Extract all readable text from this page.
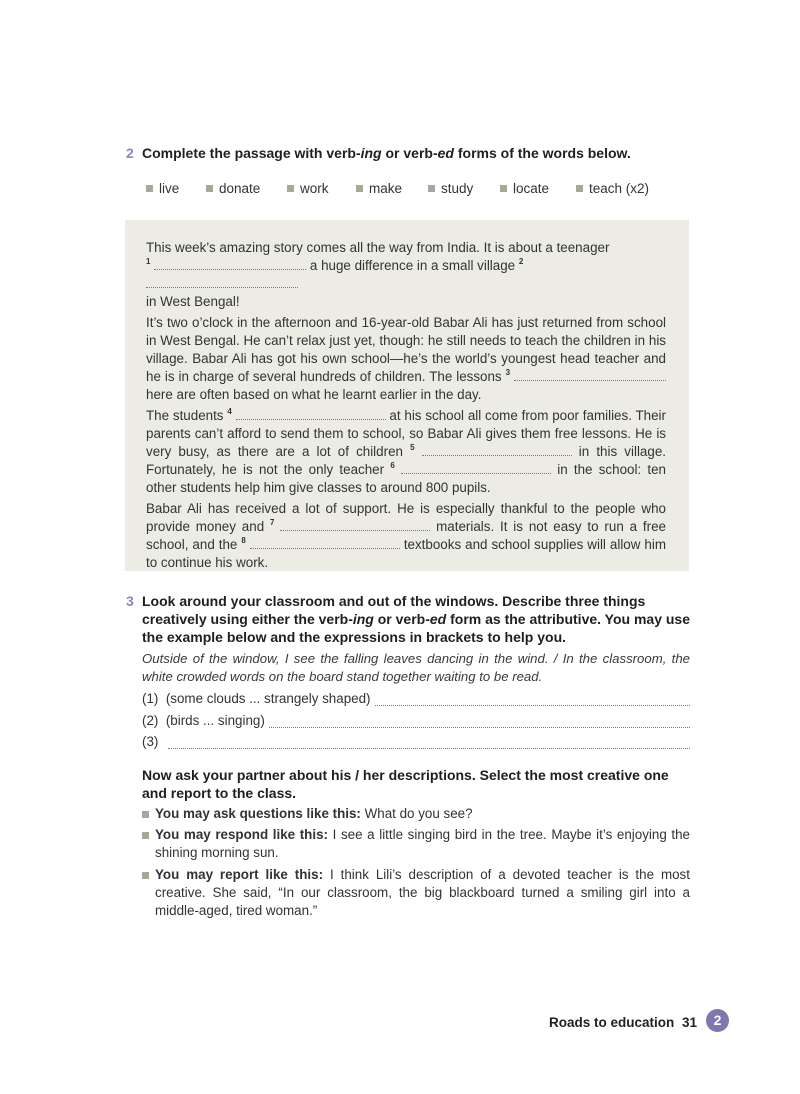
2 Complete the passage with verb-ing or verb-ed forms of the words below.
live	donate	work	make	study	locate	teach (x2)

This week’s amazing story comes all the way from India. It is about a teenager
$^1$	a huge difference in a small village $^2$
in West Bengal!

It’s two o’clock in the afternoon and 16-year-old Babar Ali has just returned from school in West Bengal. He can’t relax just yet, though: he still needs to teach the children in his village. Babar Ali has got his own school—he’s the world’s youngest head teacher and he is in charge of several hundreds of children. The lessons $^3$  here are often based on what he learnt earlier in the day.

The students $^4$	at his school all come from poor families. Their parents can’t afford to send them to school, so Babar Ali gives them free lessons. He is very busy, as there are a lot of children $^5$	in this village. Fortunately, he is not the only teacher $^6$	in the school: ten other students help him give classes to around 800 pupils.

Babar Ali has received a lot of support. He is especially thankful to the people who provide money and $^7$	materials. It is not easy to run a free school, and the $^8$	textbooks and school supplies will allow him to continue his work.

3 Look around your classroom and out of the windows. Describe three things creatively using either the verb-ing or verb-ed form as the attributive. You may use the example below and the expressions in brackets to help you.
Outside of the window, I see the falling leaves dancing in the wind. / In the classroom, the white crowded words on the board stand together waiting to be read.
(1)
(some clouds ... strangely shaped)
(2)
(birds ... singing)
(3)
Now ask your partner about his / her descriptions. Select the most creative one and report to the class.
You may ask questions like this: What do you see?
You may respond like this: I see a little singing bird in the tree. Maybe it’s enjoying the shining morning sun.
You may report like this: I think Lili’s description of a devoted teacher is the most creative. She said, “In our classroom, the big blackboard turned a smiling girl into a middle-aged, tired woman.”
Roads to education 31	2
